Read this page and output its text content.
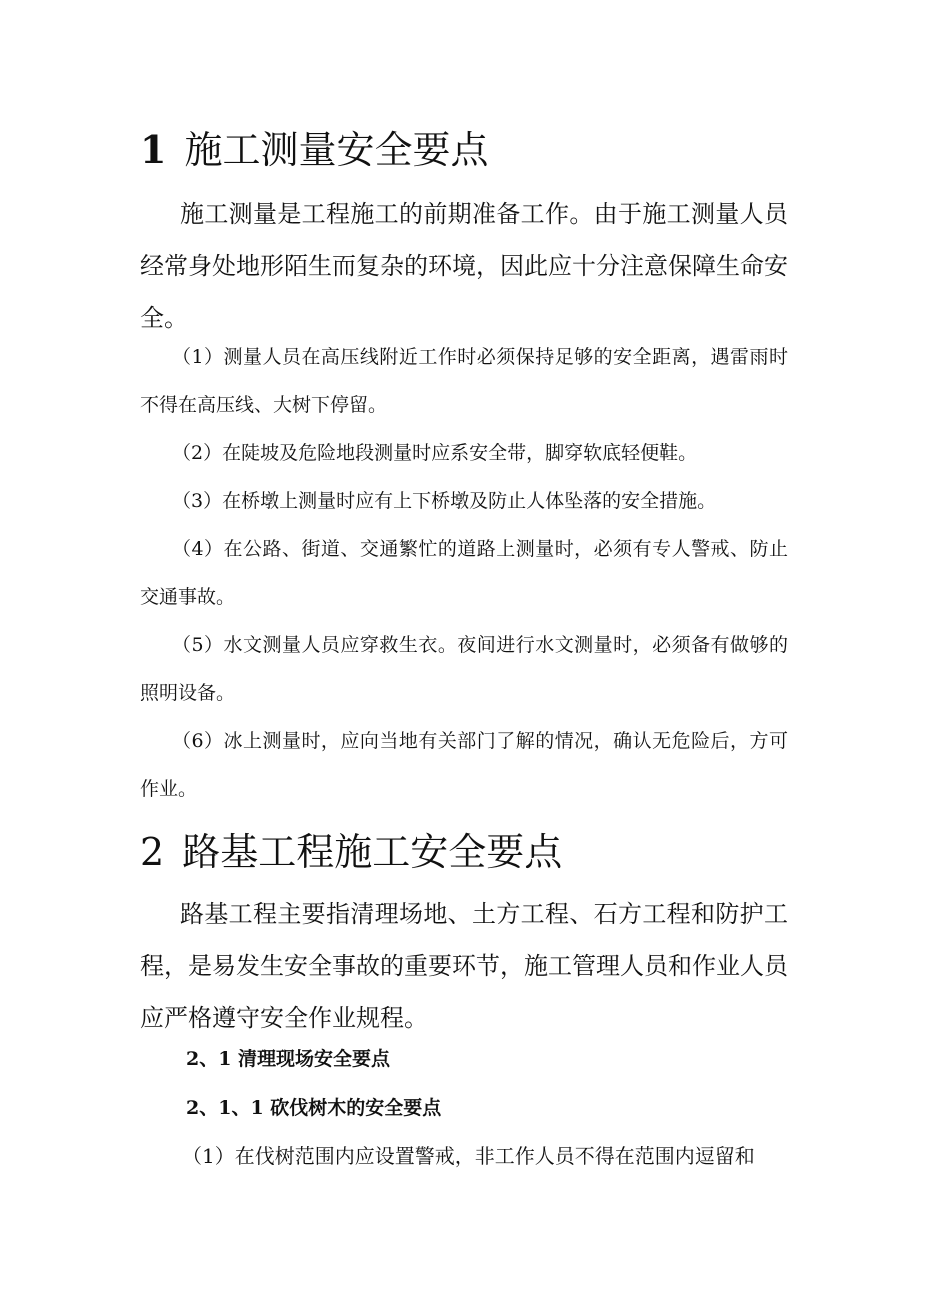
1 施工测量安全要点

施工测量是工程施工的前期准备工作。由于施工测量人员经常身处地形陌生而复杂的环境，因此应十分注意保障生命安全。

（1）测量人员在高压线附近工作时必须保持足够的安全距离，遇雷雨时不得在高压线、大树下停留。

（2）在陡坡及危险地段测量时应系安全带，脚穿软底轻便鞋。

（3）在桥墩上测量时应有上下桥墩及防止人体坠落的安全措施。

（4）在公路、街道、交通繁忙的道路上测量时，必须有专人警戒、防止交通事故。

（5）水文测量人员应穿救生衣。夜间进行水文测量时，必须备有做够的照明设备。

（6）冰上测量时，应向当地有关部门了解的情况，确认无危险后，方可作业。

2 路基工程施工安全要点

路基工程主要指清理场地、土方工程、石方工程和防护工程，是易发生安全事故的重要环节，施工管理人员和作业人员应严格遵守安全作业规程。

2、1 清理现场安全要点

2、1、1 砍伐树木的安全要点

（1）在伐树范围内应设置警戒，非工作人员不得在范围内逗留和
